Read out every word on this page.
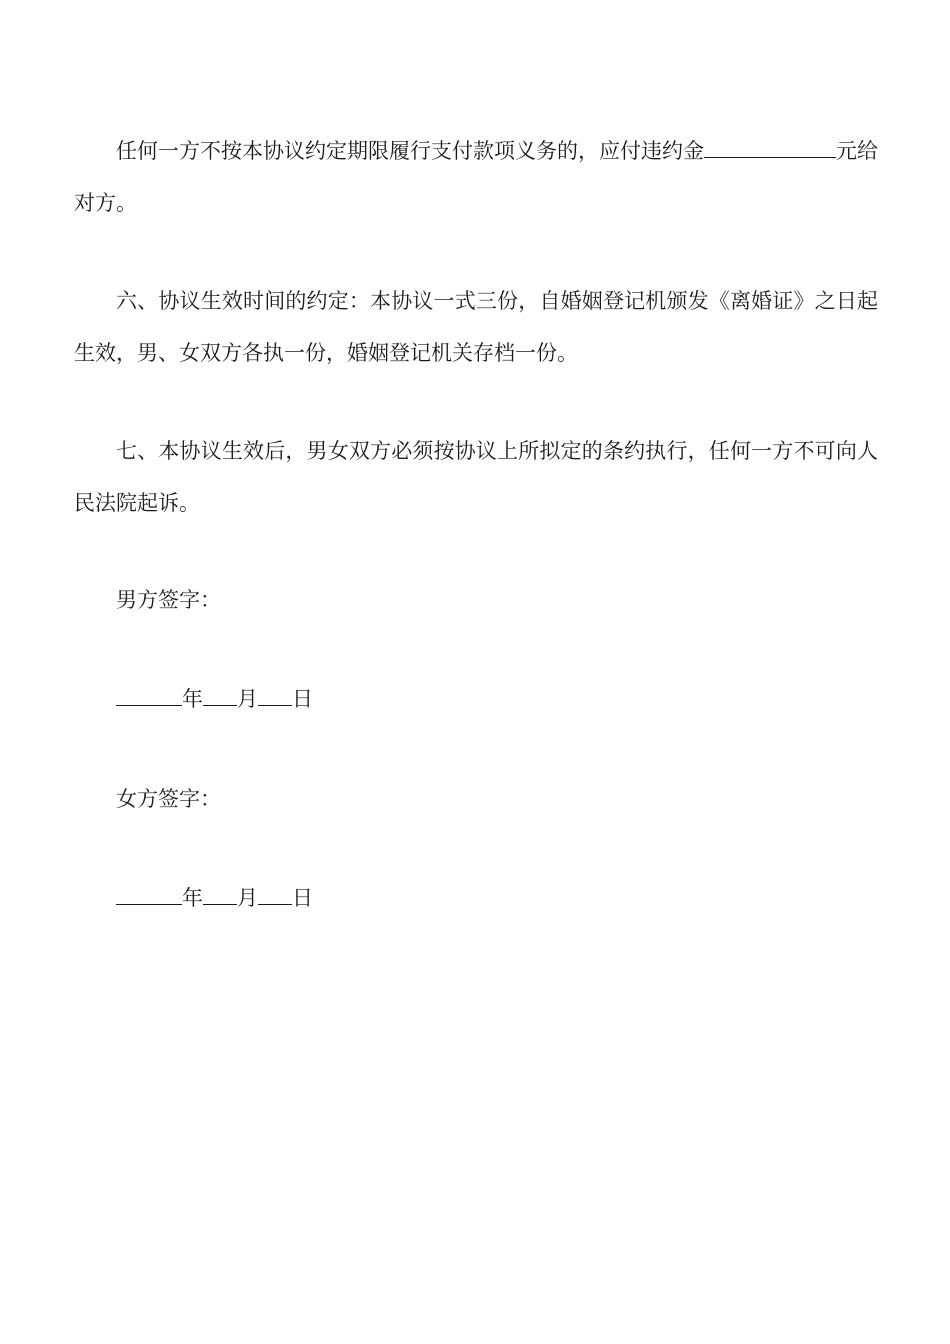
任何一方不按本协议约定期限履行支付款项义务的，应付违约金	元给对方。

六、协议生效时间的约定：本协议一式三份，自婚姻登记机颁发《离婚证》之日起生效，男、女双方各执一份，婚姻登记机关存档一份。

七、本协议生效后，男女双方必须按协议上所拟定的条约执行，任何一方不可向人民法院起诉。

男方签字：

年 月 日

女方签字：

年 月 日
